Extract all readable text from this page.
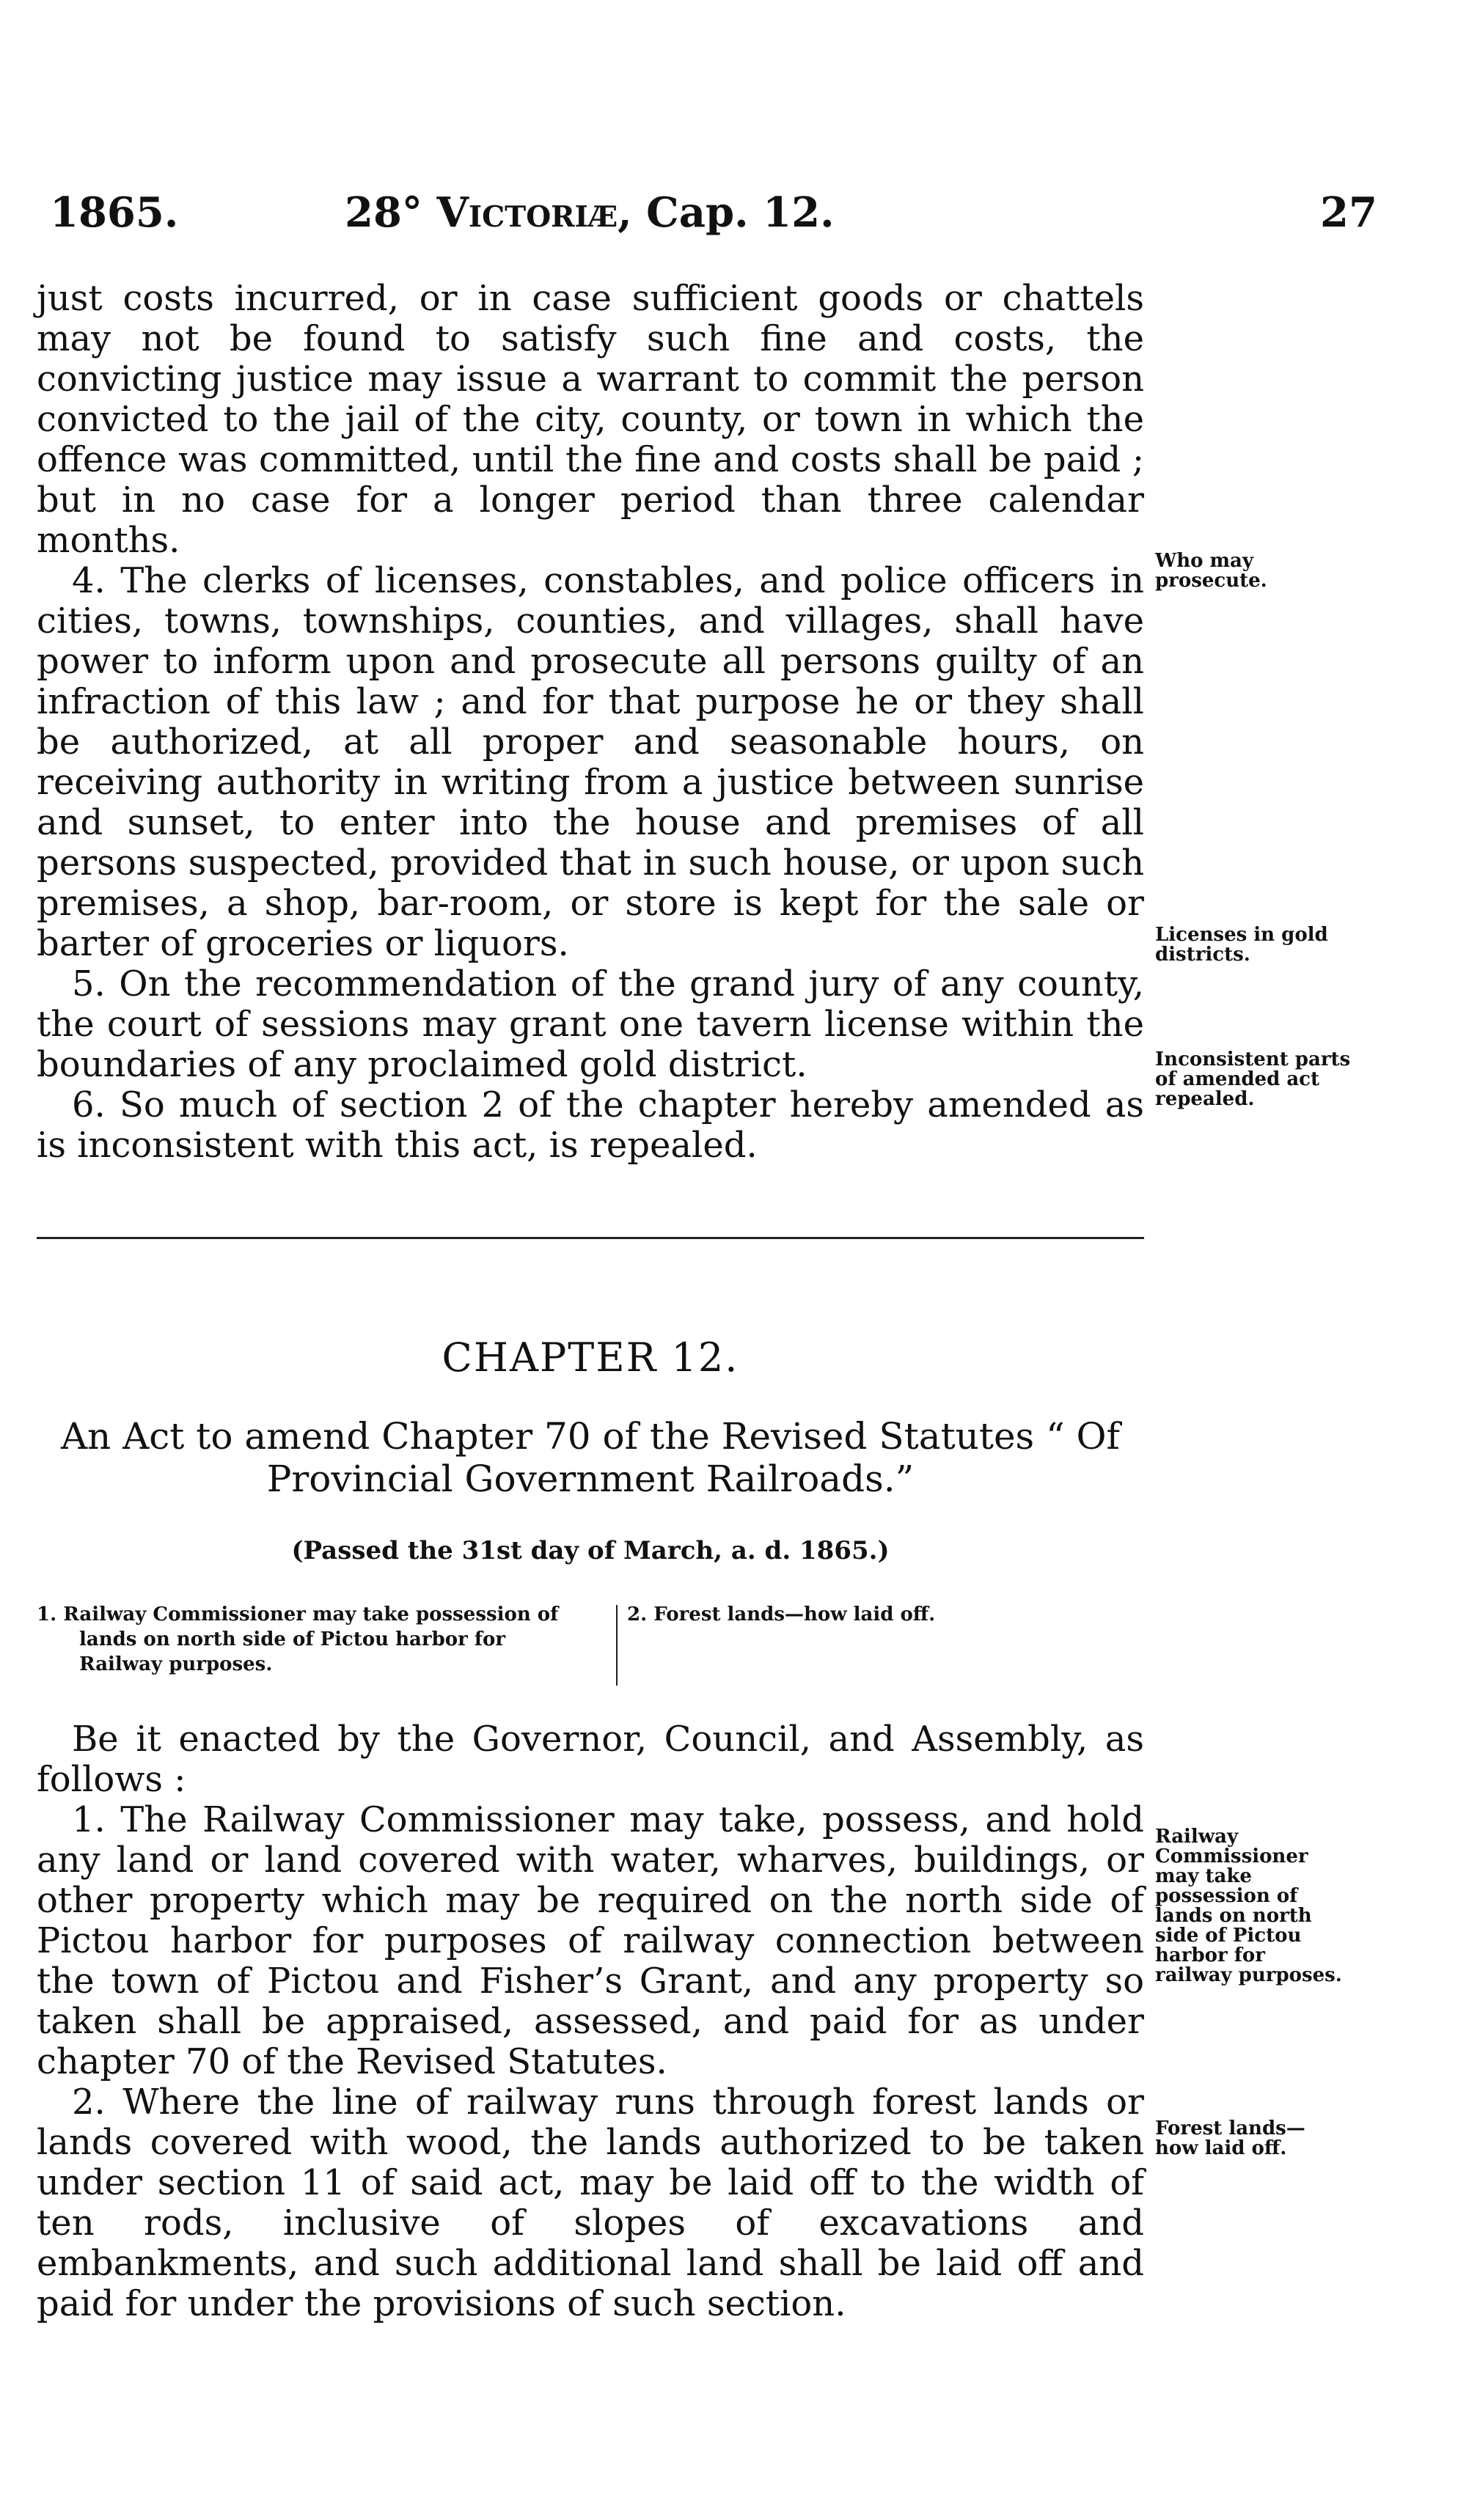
1865.	28° Victoriæ, Cap. 12.	27

just costs incurred, or in case sufficient goods or chattels may not be found to satisfy such fine and costs, the convicting justice may issue a warrant to commit the person convicted to the jail of the city, county, or town in which the offence was committed, until the fine and costs shall be paid ; but in no case for a longer period than three calendar months.

4. The clerks of licenses, constables, and police officers in cities, towns, townships, counties, and villages, shall have power to inform upon and prosecute all persons guilty of an infraction of this law ; and for that purpose he or they shall be authorized, at all proper and seasonable hours, on receiving authority in writing from a justice between sunrise and sunset, to enter into the house and premises of all persons suspected, provided that in such house, or upon such premises, a shop, bar-room, or store is kept for the sale or barter of groceries or liquors.

5. On the recommendation of the grand jury of any county, the court of sessions may grant one tavern license within the boundaries of any proclaimed gold district.

6. So much of section 2 of the chapter hereby amended as is inconsistent with this act, is repealed.

Who may prosecute.
Licenses in gold districts.
Inconsistent parts of amended act repealed.
CHAPTER 12.
An Act to amend Chapter 70 of the Revised Statutes “ Of Provincial Government Railroads.”
(Passed the 31st day of March, a. d. 1865.)
1. Railway Commissioner may take possession of lands on north side of Pictou harbor for Railway purposes.
2. Forest lands—how laid off.

Be it enacted by the Governor, Council, and Assembly, as follows :

1. The Railway Commissioner may take, possess, and hold any land or land covered with water, wharves, buildings, or other property which may be required on the north side of Pictou harbor for purposes of railway connection between the town of Pictou and Fisher’s Grant, and any property so taken shall be appraised, assessed, and paid for as under chapter 70 of the Revised Statutes.

2. Where the line of railway runs through forest lands or lands covered with wood, the lands authorized to be taken under section 11 of said act, may be laid off to the width of ten rods, inclusive of slopes of excavations and embankments, and such additional land shall be laid off and paid for under the provisions of such section.

Railway Commissioner may take possession of lands on north side of Pictou harbor for railway purposes.
Forest lands—how laid off.
